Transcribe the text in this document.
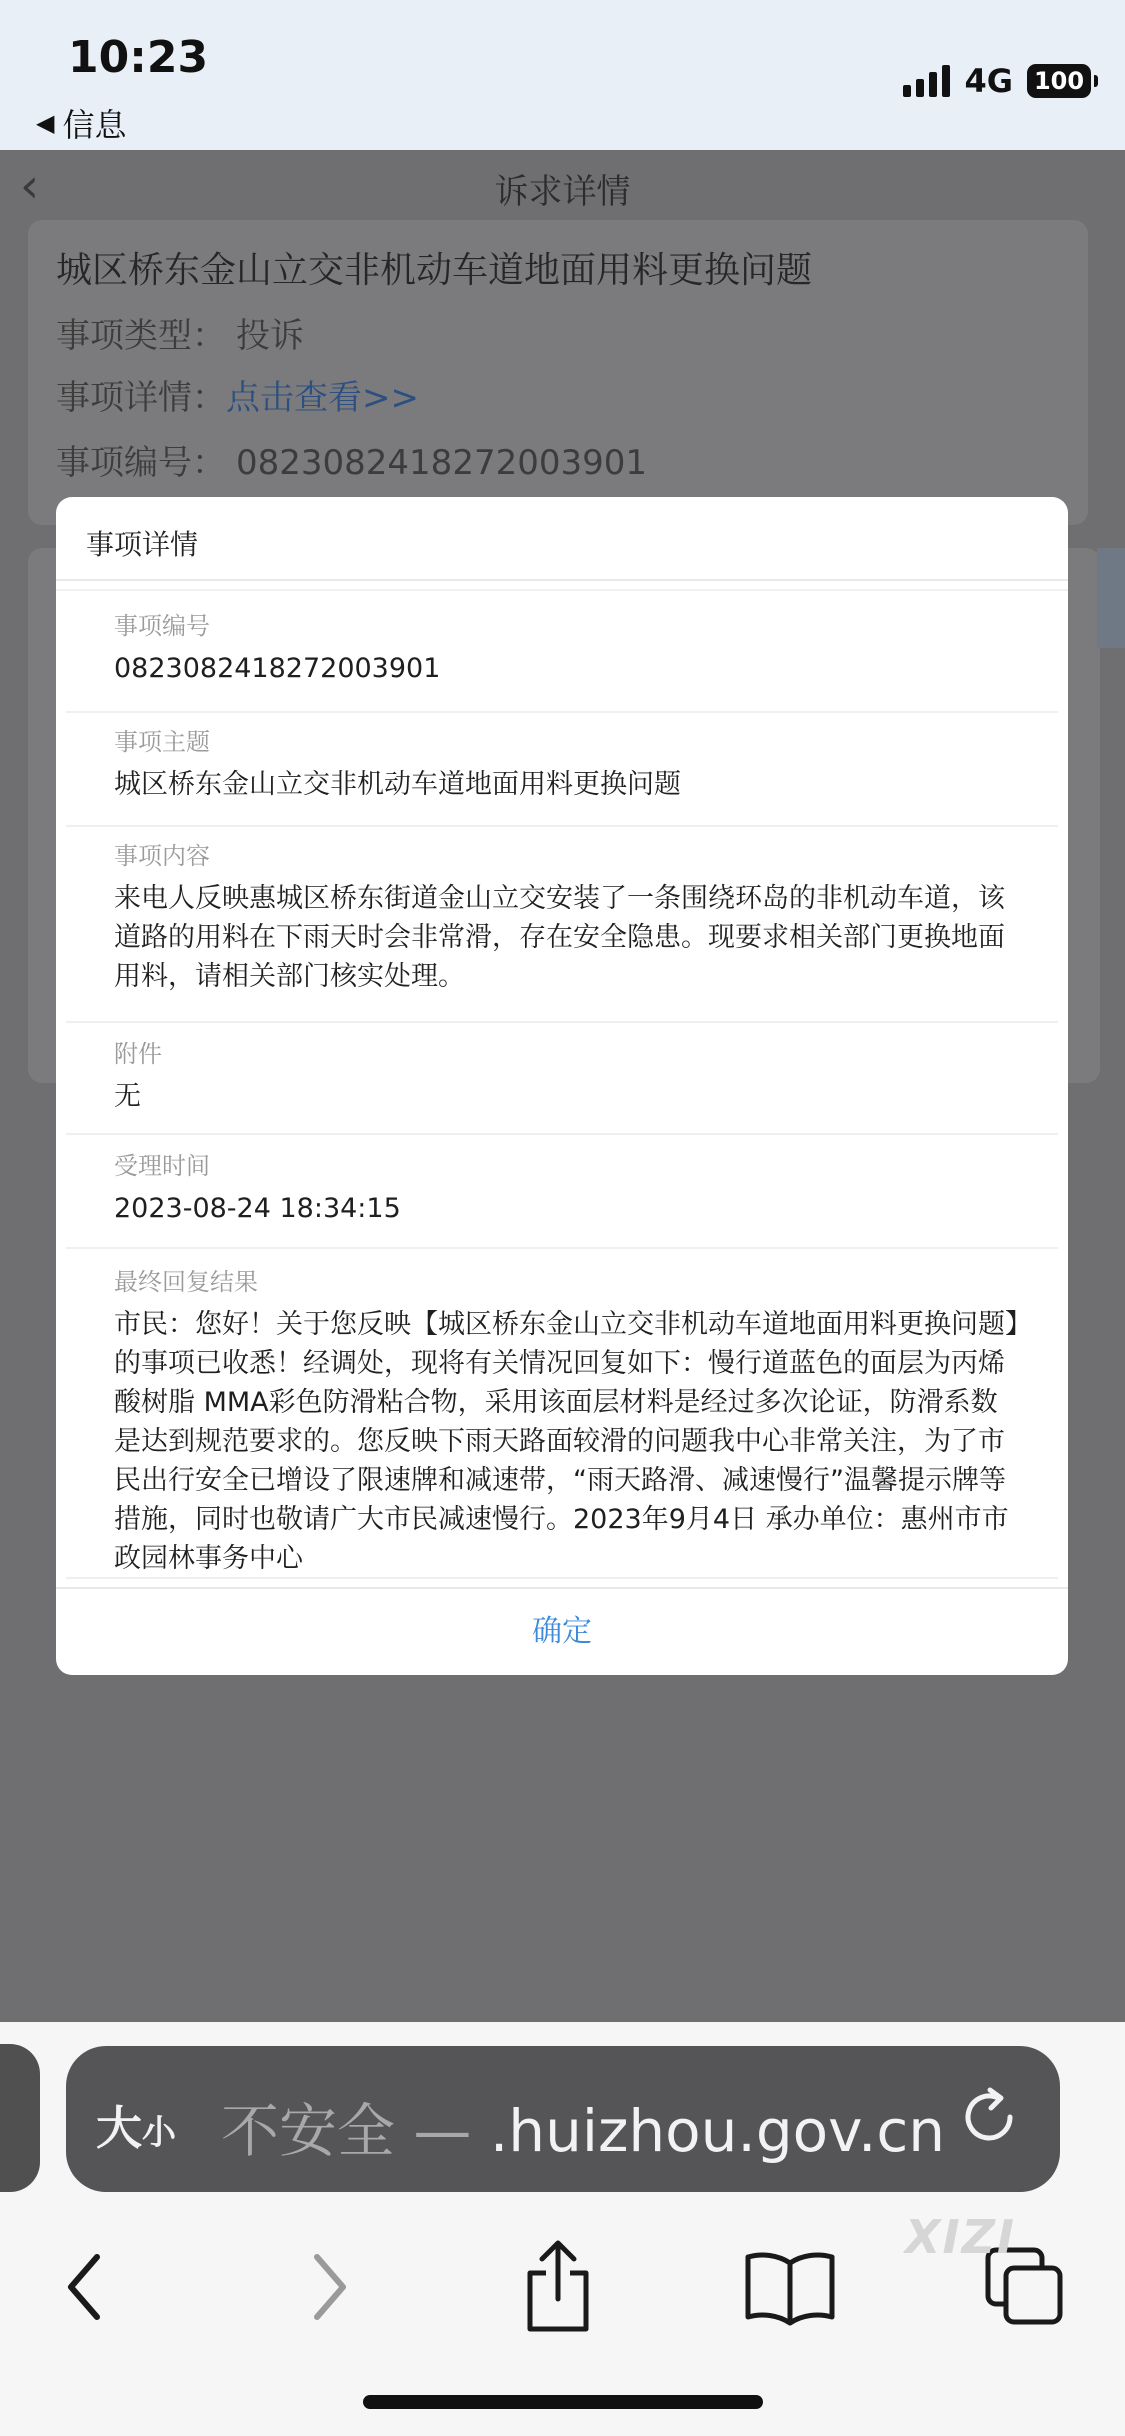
10:23
◀ 信息
4G 100
‹	诉求详情
城区桥东金山立交非机动车道地面用料更换问题
事项类型： 投诉
事项详情：点击查看>>
事项编号： 0823082418272003901
事项详情
事项编号
0823082418272003901
事项主题
城区桥东金山立交非机动车道地面用料更换问题
事项内容
来电人反映惠城区桥东街道金山立交安装了一条围绕环岛的非机动车道，该道路的用料在下雨天时会非常滑，存在安全隐患。现要求相关部门更换地面用料，请相关部门核实处理。
附件
无
受理时间
2023-08-24 18:34:15
最终回复结果
市民：您好！关于您反映【城区桥东金山立交非机动车道地面用料更换问题】的事项已收悉！经调处，现将有关情况回复如下：慢行道蓝色的面层为丙烯酸树脂 MMA彩色防滑粘合物，采用该面层材料是经过多次论证，防滑系数是达到规范要求的。您反映下雨天路面较滑的问题我中心非常关注，为了市民出行安全已增设了限速牌和减速带，“雨天路滑、减速慢行”温馨提示牌等措施，同时也敬请广大市民减速慢行。2023年9月4日 承办单位：惠州市市政园林事务中心
确定
大小 不安全 — .huizhou.gov.cn
XIZI
